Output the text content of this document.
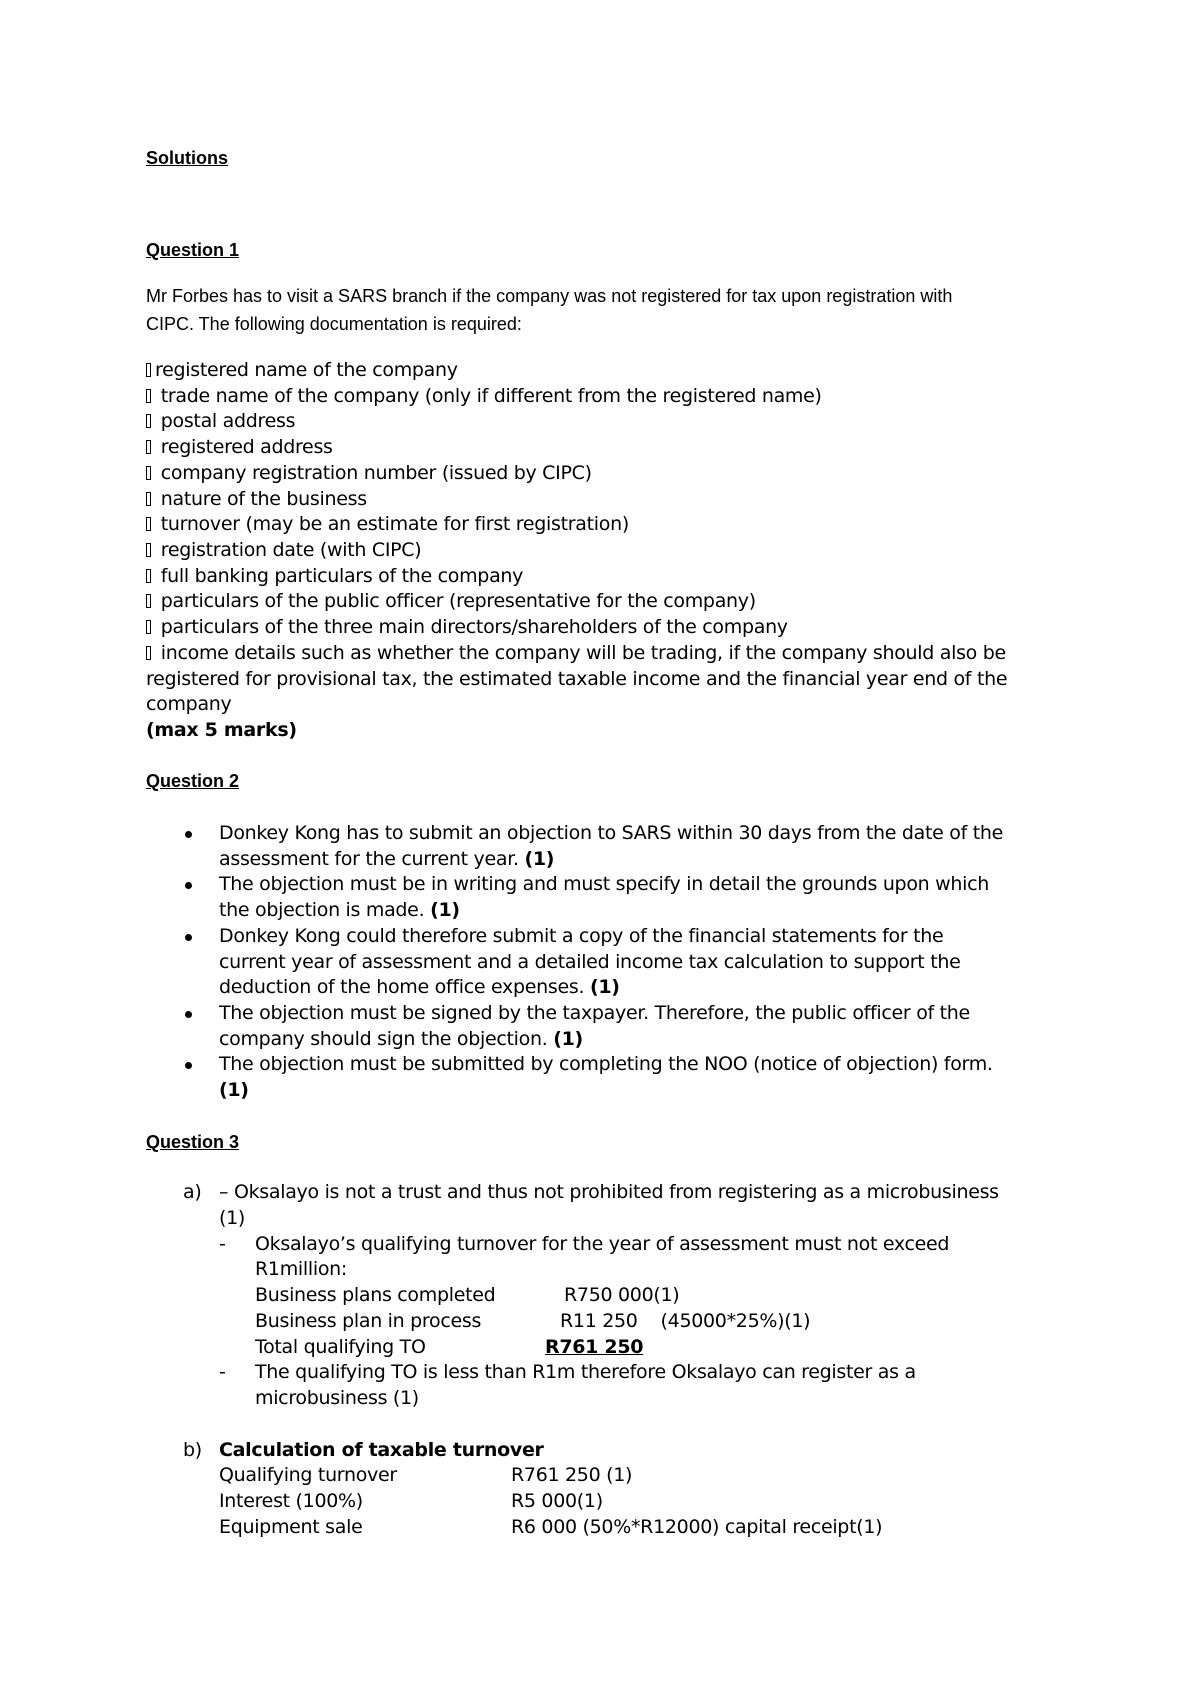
Solutions
Question 1
Mr Forbes has to visit a SARS branch if the company was not registered for tax upon registration with
CIPC. The following documentation is required:
registered name of the company
trade name of the company (only if different from the registered name)
postal address
registered address
company registration number (issued by CIPC)
nature of the business
turnover (may be an estimate for first registration)
registration date (with CIPC)
full banking particulars of the company
particulars of the public officer (representative for the company)
particulars of the three main directors/shareholders of the company
income details such as whether the company will be trading, if the company should also be
registered for provisional tax, the estimated taxable income and the financial year end of the
company
(max 5 marks)
Question 2
Donkey Kong has to submit an objection to SARS within 30 days from the date of the
assessment for the current year. (1)
The objection must be in writing and must specify in detail the grounds upon which
the objection is made. (1)
Donkey Kong could therefore submit a copy of the financial statements for the
current year of assessment and a detailed income tax calculation to support the
deduction of the home office expenses. (1)
The objection must be signed by the taxpayer. Therefore, the public officer of the
company should sign the objection. (1)
The objection must be submitted by completing the NOO (notice of objection) form.
(1)
Question 3
a) – Oksalayo is not a trust and thus not prohibited from registering as a microbusiness
(1)
- Oksalayo’s qualifying turnover for the year of assessment must not exceed
R1million:
Business plans completed	R750 000(1)
Business plan in process	R11 250    (45000*25%)(1)
Total qualifying TO	R761 250
- The qualifying TO is less than R1m therefore Oksalayo can register as a
microbusiness (1)
b) Calculation of taxable turnover
Qualifying turnover	R761 250 (1)
Interest (100%)	R5 000(1)
Equipment sale	R6 000 (50%*R12000) capital receipt(1)
